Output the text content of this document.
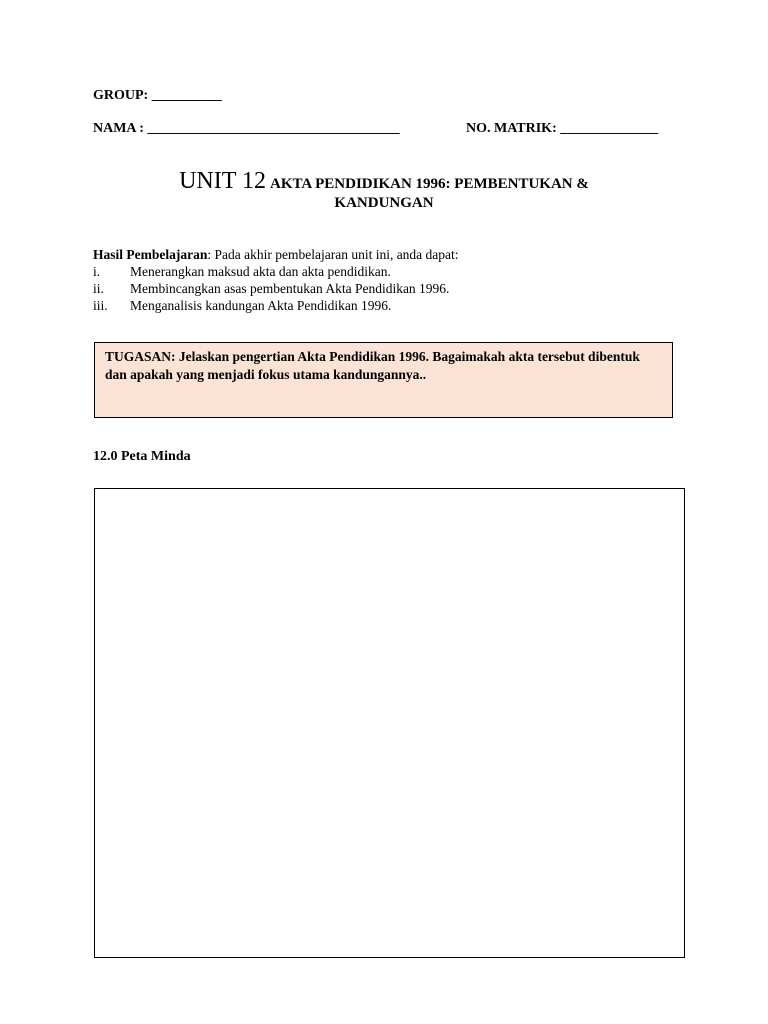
GROUP: __________
NAMA : ____________________________________	NO. MATRIK: ______________
UNIT 12 AKTA PENDIDIKAN 1996: PEMBENTUKAN &
KANDUNGAN
Hasil Pembelajaran: Pada akhir pembelajaran unit ini, anda dapat:
i. Menerangkan maksud akta dan akta pendidikan.
ii. Membincangkan asas pembentukan Akta Pendidikan 1996.
iii. Menganalisis kandungan Akta Pendidikan 1996.
TUGASAN: Jelaskan pengertian Akta Pendidikan 1996. Bagaimakah akta tersebut dibentuk dan apakah yang menjadi fokus utama kandungannya..
12.0 Peta Minda
